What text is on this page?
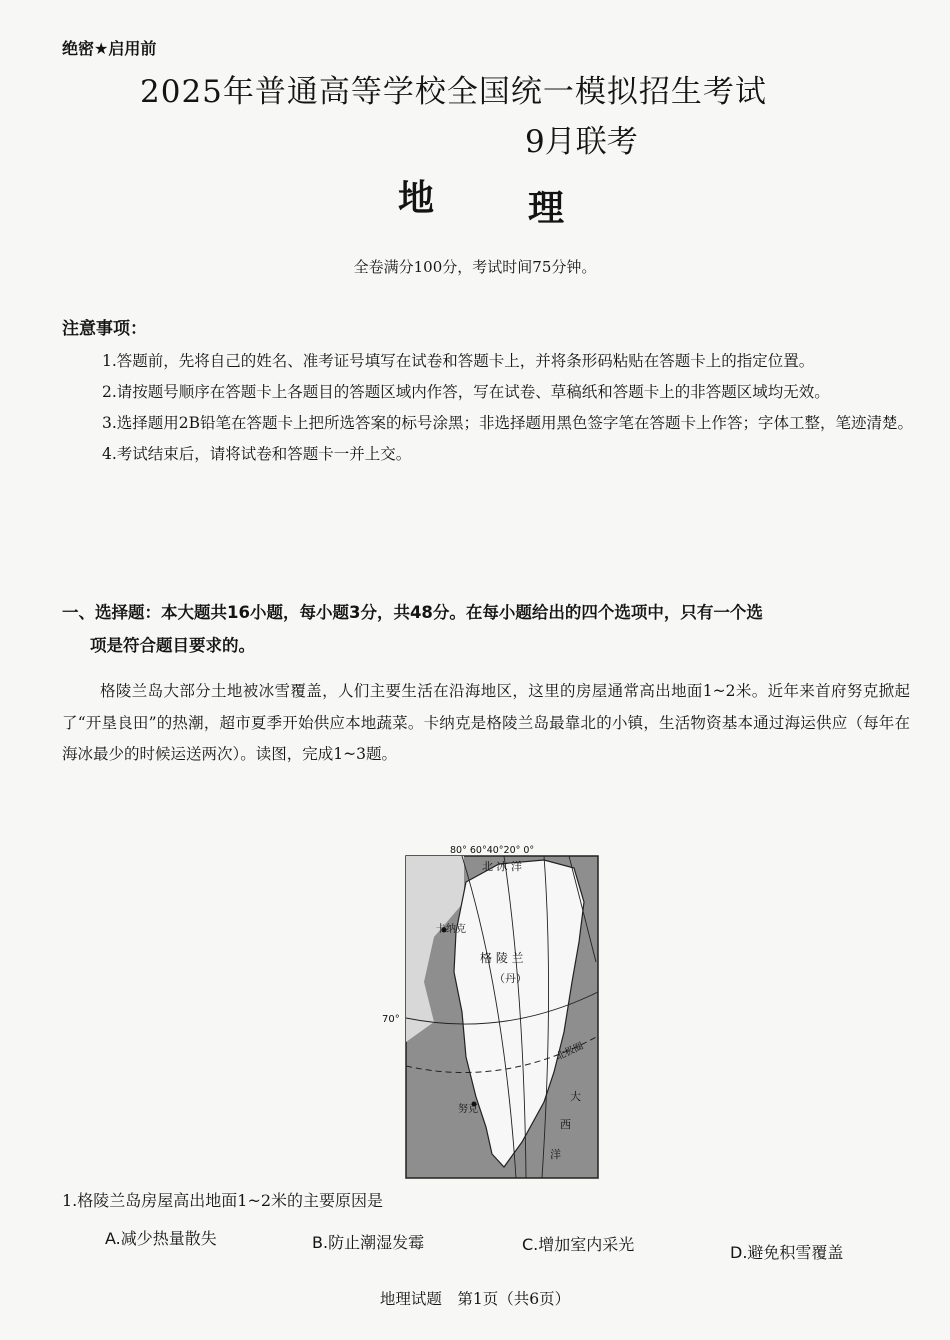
绝密★启用前
2025年普通高等学校全国统一模拟招生考试
9月联考
地	理
全卷满分100分，考试时间75分钟。
注意事项：

1.答题前，先将自己的姓名、准考证号填写在试卷和答题卡上，并将条形码粘贴在答题卡上的指定位置。

2.请按题号顺序在答题卡上各题目的答题区域内作答，写在试卷、草稿纸和答题卡上的非答题区域均无效。

3.选择题用2B铅笔在答题卡上把所选答案的标号涂黑；非选择题用黑色签字笔在答题卡上作答；字体工整，笔迹清楚。

4.考试结束后，请将试卷和答题卡一并上交。

一、选择题：本大题共16小题，每小题3分，共48分。在每小题给出的四个选项中，只有一个选
项是符合题目要求的。
格陵兰岛大部分土地被冰雪覆盖，人们主要生活在沿海地区，这里的房屋通常高出地面1~2米。近年来首府努克掀起了“开垦良田”的热潮，超市夏季开始供应本地蔬菜。卡纳克是格陵兰岛最靠北的小镇，生活物资基本通过海运供应（每年在海冰最少的时候运送两次）。读图，完成1~3题。
80° 60°40°20° 0°
北 冰 洋
卡纳克
格 陵 兰
（丹）
70°
北极圈
努克
大
西
洋
1.格陵兰岛房屋高出地面1~2米的主要原因是
A.减少热量散失	B.防止潮湿发霉	C.增加室内采光	D.避免积雪覆盖
地理试题　第1页（共6页）
